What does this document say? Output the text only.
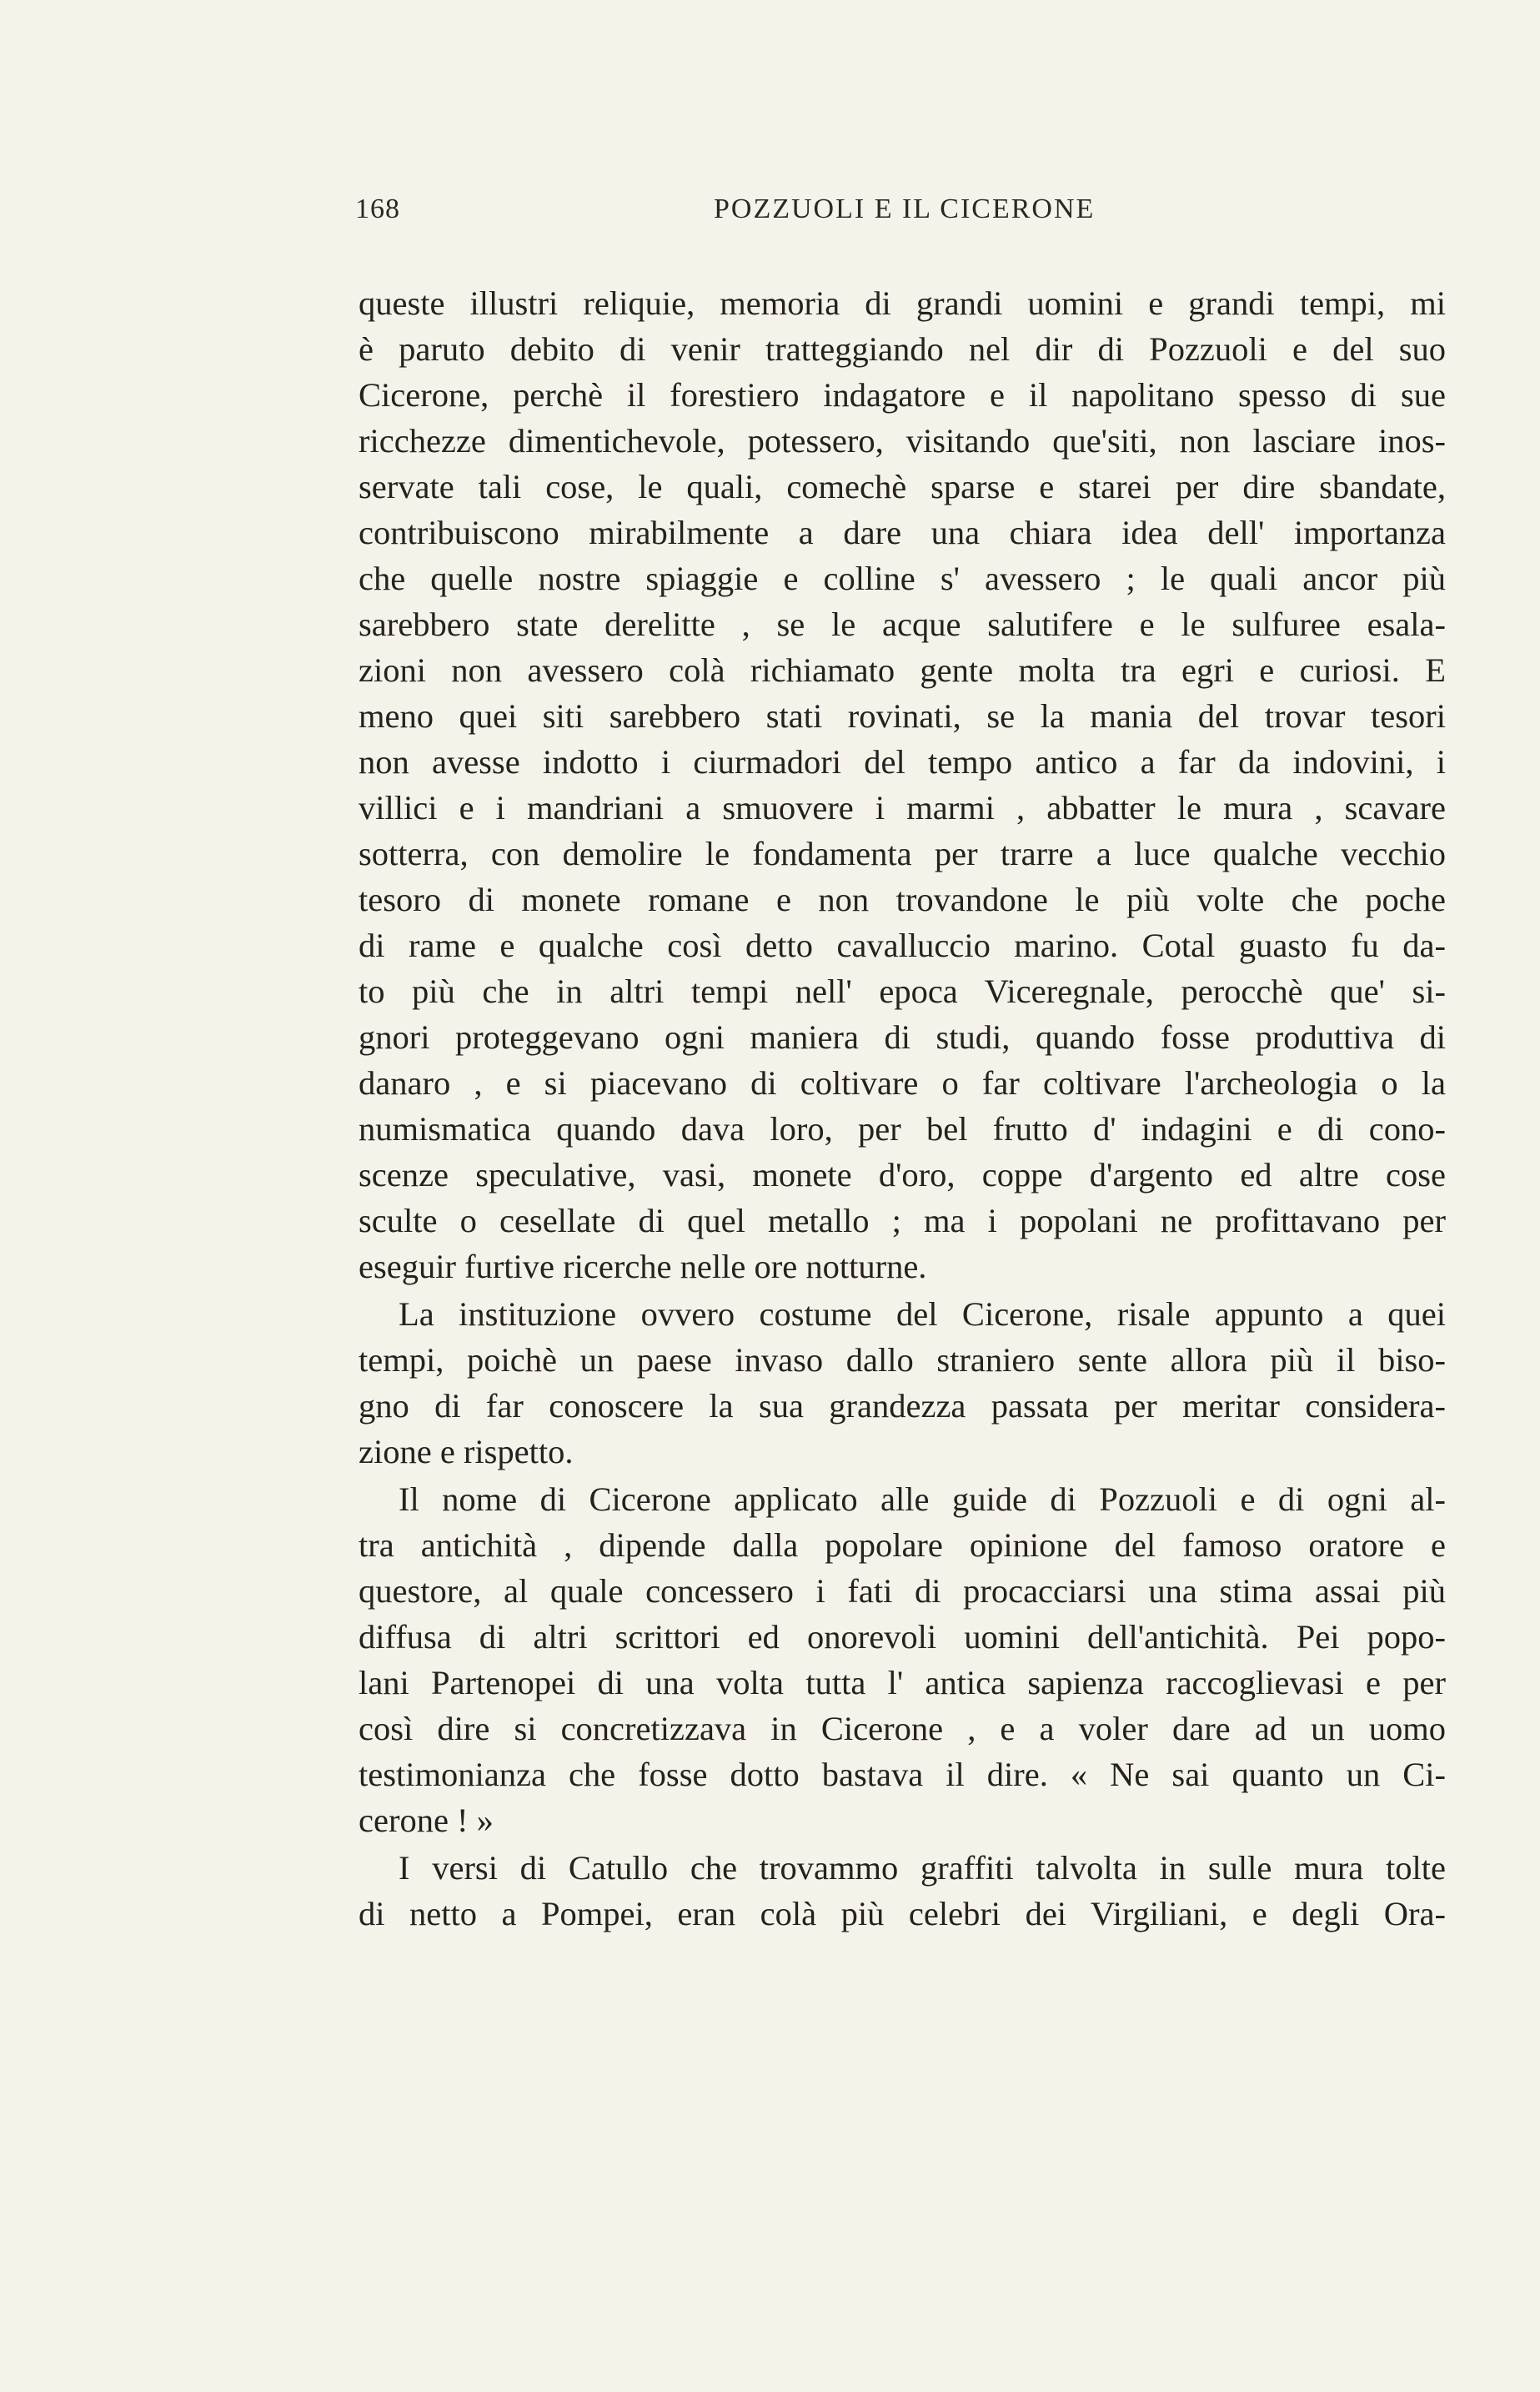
168	POZZUOLI E IL CICERONE
queste illustri reliquie, memoria di grandi uomini e grandi tempi, mi
è paruto debito di venir tratteggiando nel dir di Pozzuoli e del suo
Cicerone, perchè il forestiero indagatore e il napolitano spesso di sue
ricchezze dimentichevole, potessero, visitando que'siti, non lasciare inos-
servate tali cose, le quali, comechè sparse e starei per dire sbandate,
contribuiscono mirabilmente a dare una chiara idea dell' importanza
che quelle nostre spiaggie e colline s' avessero ; le quali ancor più
sarebbero state derelitte , se le acque salutifere e le sulfuree esala-
zioni non avessero colà richiamato gente molta tra egri e curiosi. E
meno quei siti sarebbero stati rovinati, se la mania del trovar tesori
non avesse indotto i ciurmadori del tempo antico a far da indovini, i
villici e i mandriani a smuovere i marmi , abbatter le mura , scavare
sotterra, con demolire le fondamenta per trarre a luce qualche vecchio
tesoro di monete romane e non trovandone le più volte che poche
di rame e qualche così detto cavalluccio marino. Cotal guasto fu da-
to più che in altri tempi nell' epoca Viceregnale, perocchè que' si-
gnori proteggevano ogni maniera di studi, quando fosse produttiva di
danaro , e si piacevano di coltivare o far coltivare l'archeologia o la
numismatica quando dava loro, per bel frutto d' indagini e di cono-
scenze speculative, vasi, monete d'oro, coppe d'argento ed altre cose
sculte o cesellate di quel metallo ; ma i popolani ne profittavano per
eseguir furtive ricerche nelle ore notturne.
La instituzione ovvero costume del Cicerone, risale appunto a quei
tempi, poichè un paese invaso dallo straniero sente allora più il biso-
gno di far conoscere la sua grandezza passata per meritar considera-
zione e rispetto.
Il nome di Cicerone applicato alle guide di Pozzuoli e di ogni al-
tra antichità , dipende dalla popolare opinione del famoso oratore e
questore, al quale concessero i fati di procacciarsi una stima assai più
diffusa di altri scrittori ed onorevoli uomini dell'antichità. Pei popo-
lani Partenopei di una volta tutta l' antica sapienza raccoglievasi e per
così dire si concretizzava in Cicerone , e a voler dare ad un uomo
testimonianza che fosse dotto bastava il dire. « Ne sai quanto un Ci-
cerone ! »
I versi di Catullo che trovammo graffiti talvolta in sulle mura tolte
di netto a Pompei, eran colà più celebri dei Virgiliani, e degli Ora-
